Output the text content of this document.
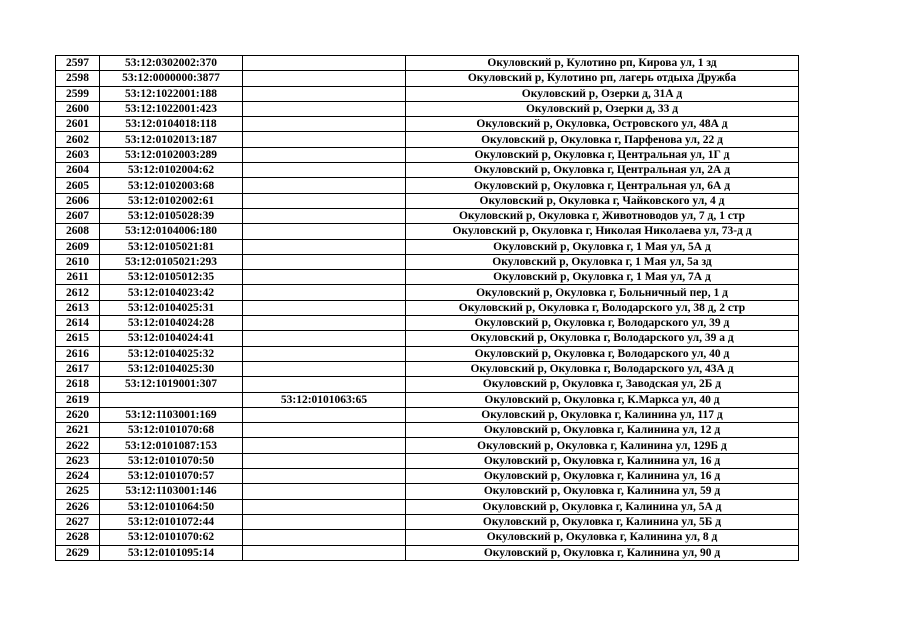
2597	53:12:0302002:370		Окуловский р, Кулотино рп, Кирова ул, 1 зд
2598	53:12:0000000:3877		Окуловский р, Кулотино рп, лагерь отдыха Дружба
2599	53:12:1022001:188		Окуловский р, Озерки д, 31А д
2600	53:12:1022001:423		Окуловский р, Озерки д, 33 д
2601	53:12:0104018:118		Окуловский р, Окуловка, Островского ул, 48А д
2602	53:12:0102013:187		Окуловский р, Окуловка г, Парфенова ул, 22 д
2603	53:12:0102003:289		Окуловский р, Окуловка г, Центральная ул, 1Г д
2604	53:12:0102004:62		Окуловский р, Окуловка г, Центральная ул, 2А д
2605	53:12:0102003:68		Окуловский р, Окуловка г, Центральная ул, 6А д
2606	53:12:0102002:61		Окуловский р, Окуловка г, Чайковского ул, 4 д
2607	53:12:0105028:39		Окуловский р, Окуловка г, Животноводов ул, 7 д, 1 стр
2608	53:12:0104006:180		Окуловский р, Окуловка г, Николая Николаева ул, 73-д д
2609	53:12:0105021:81		Окуловский р, Окуловка г, 1 Мая ул, 5А д
2610	53:12:0105021:293		Окуловский р, Окуловка г, 1 Мая ул, 5а зд
2611	53:12:0105012:35		Окуловский р, Окуловка г, 1 Мая ул, 7А д
2612	53:12:0104023:42		Окуловский р, Окуловка г, Больничный пер, 1 д
2613	53:12:0104025:31		Окуловский р, Окуловка г, Володарского ул, 38 д, 2 стр
2614	53:12:0104024:28		Окуловский р, Окуловка г, Володарского ул, 39 д
2615	53:12:0104024:41		Окуловский р, Окуловка г, Володарского ул, 39 а д
2616	53:12:0104025:32		Окуловский р, Окуловка г, Володарского ул, 40 д
2617	53:12:0104025:30		Окуловский р, Окуловка г, Володарского ул, 43А д
2618	53:12:1019001:307		Окуловский р, Окуловка г, Заводская ул, 2Б д
2619		53:12:0101063:65	Окуловский р, Окуловка г, К.Маркса ул, 40 д
2620	53:12:1103001:169		Окуловский р, Окуловка г, Калинина ул, 117 д
2621	53:12:0101070:68		Окуловский р, Окуловка г, Калинина ул, 12 д
2622	53:12:0101087:153		Окуловский р, Окуловка г, Калинина ул, 129Б д
2623	53:12:0101070:50		Окуловский р, Окуловка г, Калинина ул, 16 д
2624	53:12:0101070:57		Окуловский р, Окуловка г, Калинина ул, 16 д
2625	53:12:1103001:146		Окуловский р, Окуловка г, Калинина ул, 59 д
2626	53:12:0101064:50		Окуловский р, Окуловка г, Калинина ул, 5А д
2627	53:12:0101072:44		Окуловский р, Окуловка г, Калинина ул, 5Б д
2628	53:12:0101070:62		Окуловский р, Окуловка г, Калинина ул, 8 д
2629	53:12:0101095:14		Окуловский р, Окуловка г, Калинина ул, 90 д
